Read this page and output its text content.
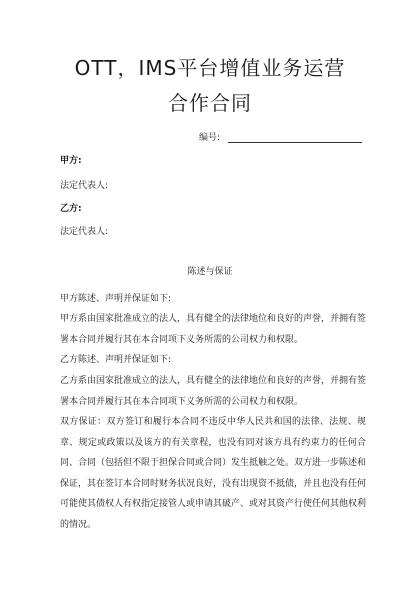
OTT，IMS平台增值业务运营
合作合同
编号:
甲方:
法定代表人:
乙方:
法定代表人:
陈述与保证
甲方陈述、声明并保证如下:
甲方系由国家批准成立的法人，具有健全的法律地位和良好的声誉，并拥有签署本合同并履行其在本合同项下义务所需的公司权力和权限。
乙方陈述、声明并保证如下:
乙方系由国家批准成立的法人，具有健全的法律地位和良好的声誉，并拥有签署本合同并履行其在本合同项下义务所需的公司权力和权限。
双方保证：双方签订和履行本合同不违反中华人民共和国的法律、法规、规章、规定或政策以及该方的有关章程，也没有同对该方具有约束力的任何合同、合同（包括但不限于担保合同或合同）发生抵触之处。双方进一步陈述和保证，其在签订本合同时财务状况良好，没有出现资不抵债，并且也没有任何可能使其债权人有权指定接管人或申请其破产、或对其资产行使任何其他权利的情况。
